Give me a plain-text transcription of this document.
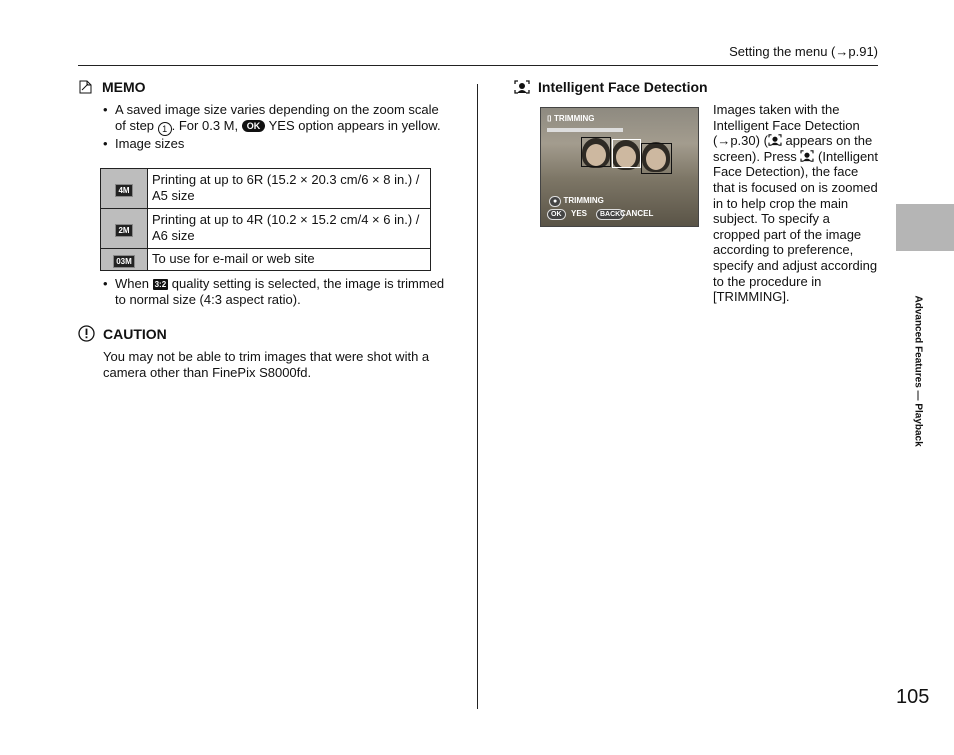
Setting the menu (→p.91)
MEMO
• A saved image size varies depending on the zoom scale of step 1 . For 0.3 M, OK YES option appears in yellow.
• Image sizes
4M	Printing at up to 6R (15.2 × 20.3 cm/6 × 8 in.) / A5 size
2M	Printing at up to 4R (10.2 × 15.2 cm/4 × 6 in.) / A6 size
03M	To use for e-mail or web site
• When 3:2 quality setting is selected, the image is trimmed to normal size (4:3 aspect ratio).
CAUTION
You may not be able to trim images that were shot with a camera other than FinePix S8000fd.
Intelligent Face Detection
⌷ TRIMMING
● TRIMMING
OK	YES	BACK CANCEL
Images taken with the Intelligent Face Detection (→p.30) ( appears on the screen). Press  (Intelligent Face Detection), the face that is focused on is zoomed in to help crop the main subject. To specify a cropped part of the image according to preference, specify and adjust according to the procedure in [TRIMMING].	Advanced Features — Playback
105
